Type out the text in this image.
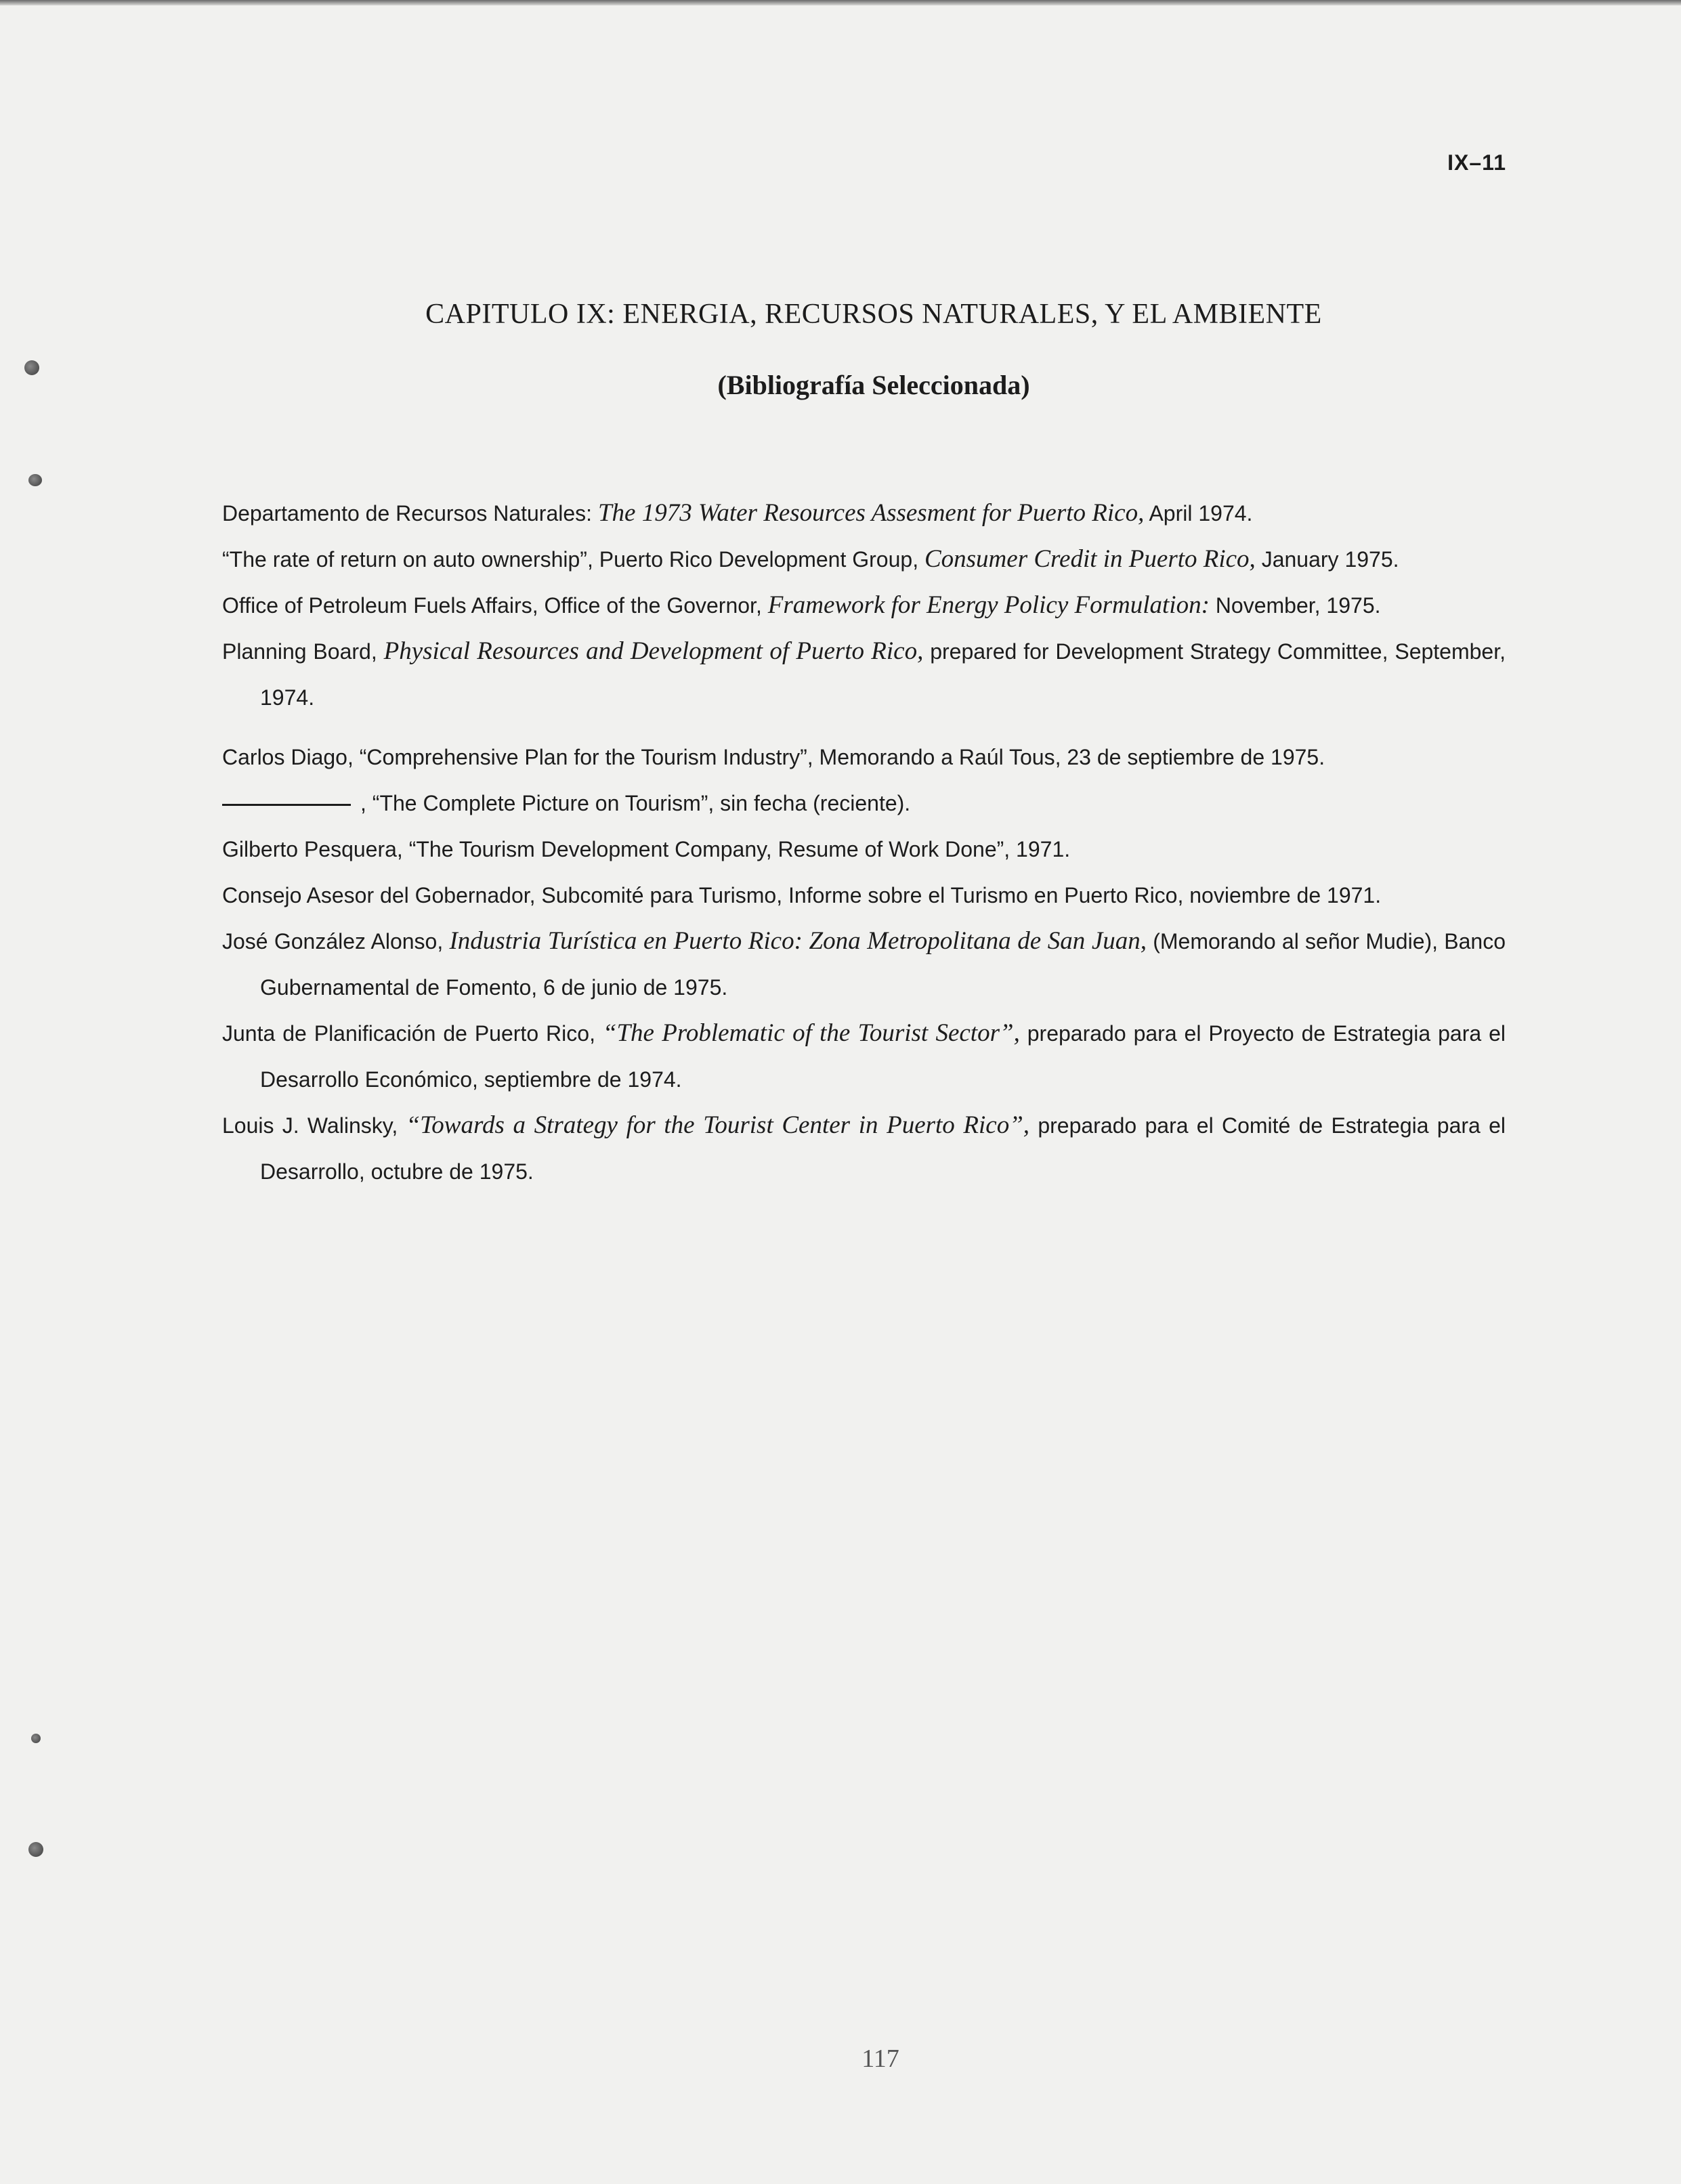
IX–11
CAPITULO IX: ENERGIA, RECURSOS NATURALES, Y EL AMBIENTE
(Bibliografía Seleccionada)
Departamento de Recursos Naturales: The 1973 Water Resources Assesment for Puerto Rico, April 1974.
“The rate of return on auto ownership”, Puerto Rico Development Group, Consumer Credit in Puerto Rico, January 1975.
Office of Petroleum Fuels Affairs, Office of the Governor, Framework for Energy Policy Formulation: November, 1975.
Planning Board, Physical Resources and Development of Puerto Rico, prepared for Development Strategy Committee, September, 1974.
Carlos Diago, “Comprehensive Plan for the Tourism Industry”, Memorando a Raúl Tous, 23 de septiembre de 1975.
, “The Complete Picture on Tourism”, sin fecha (reciente).
Gilberto Pesquera, “The Tourism Development Company, Resume of Work Done”, 1971.
Consejo Asesor del Gobernador, Subcomité para Turismo, Informe sobre el Turismo en Puerto Rico, noviembre de 1971.
José González Alonso, Industria Turística en Puerto Rico: Zona Metropolitana de San Juan, (Memorando al señor Mudie), Banco Gubernamental de Fomento, 6 de junio de 1975.
Junta de Planificación de Puerto Rico, “The Problematic of the Tourist Sector”, preparado para el Proyecto de Estrategia para el Desarrollo Económico, septiembre de 1974.
Louis J. Walinsky, “Towards a Strategy for the Tourist Center in Puerto Rico”, preparado para el Comité de Estrategia para el Desarrollo, octubre de 1975.
117
